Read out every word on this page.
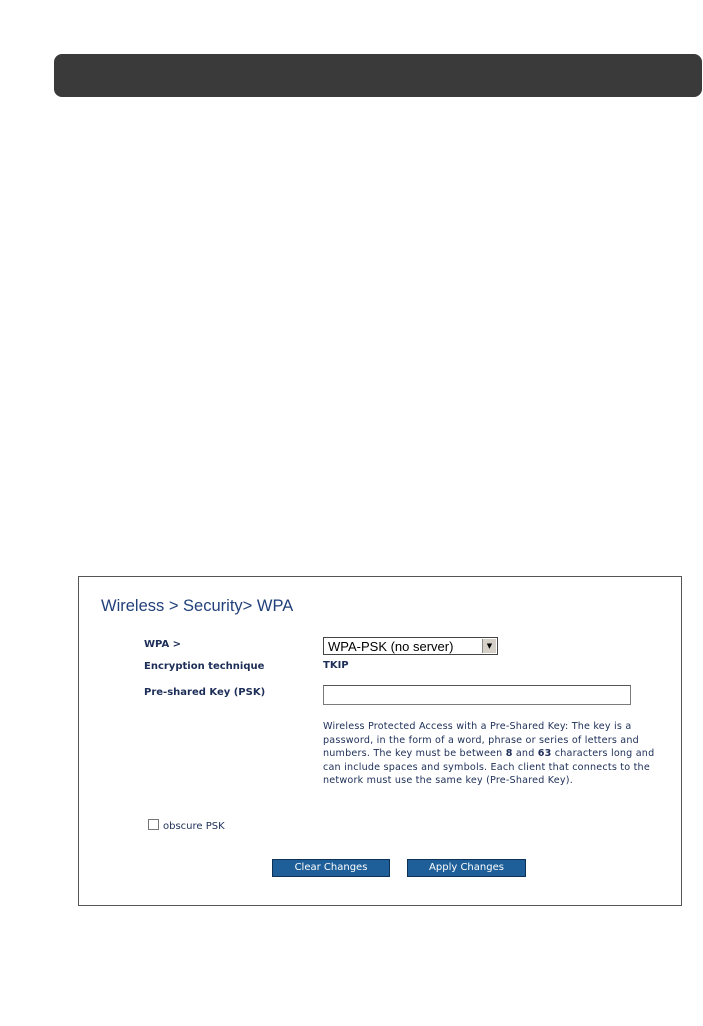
Wireless > Security> WPA
WPA >	WPA-PSK (no server)	▼
Encryption technique	TKIP
Pre-shared Key (PSK)
Wireless Protected Access with a Pre-Shared Key: The key is a password, in the form of a word, phrase or series of letters and numbers. The key must be between 8 and 63 characters long and can include spaces and symbols. Each client that connects to the network must use the same key (Pre-Shared Key).
obscure PSK
Clear Changes	Apply Changes
